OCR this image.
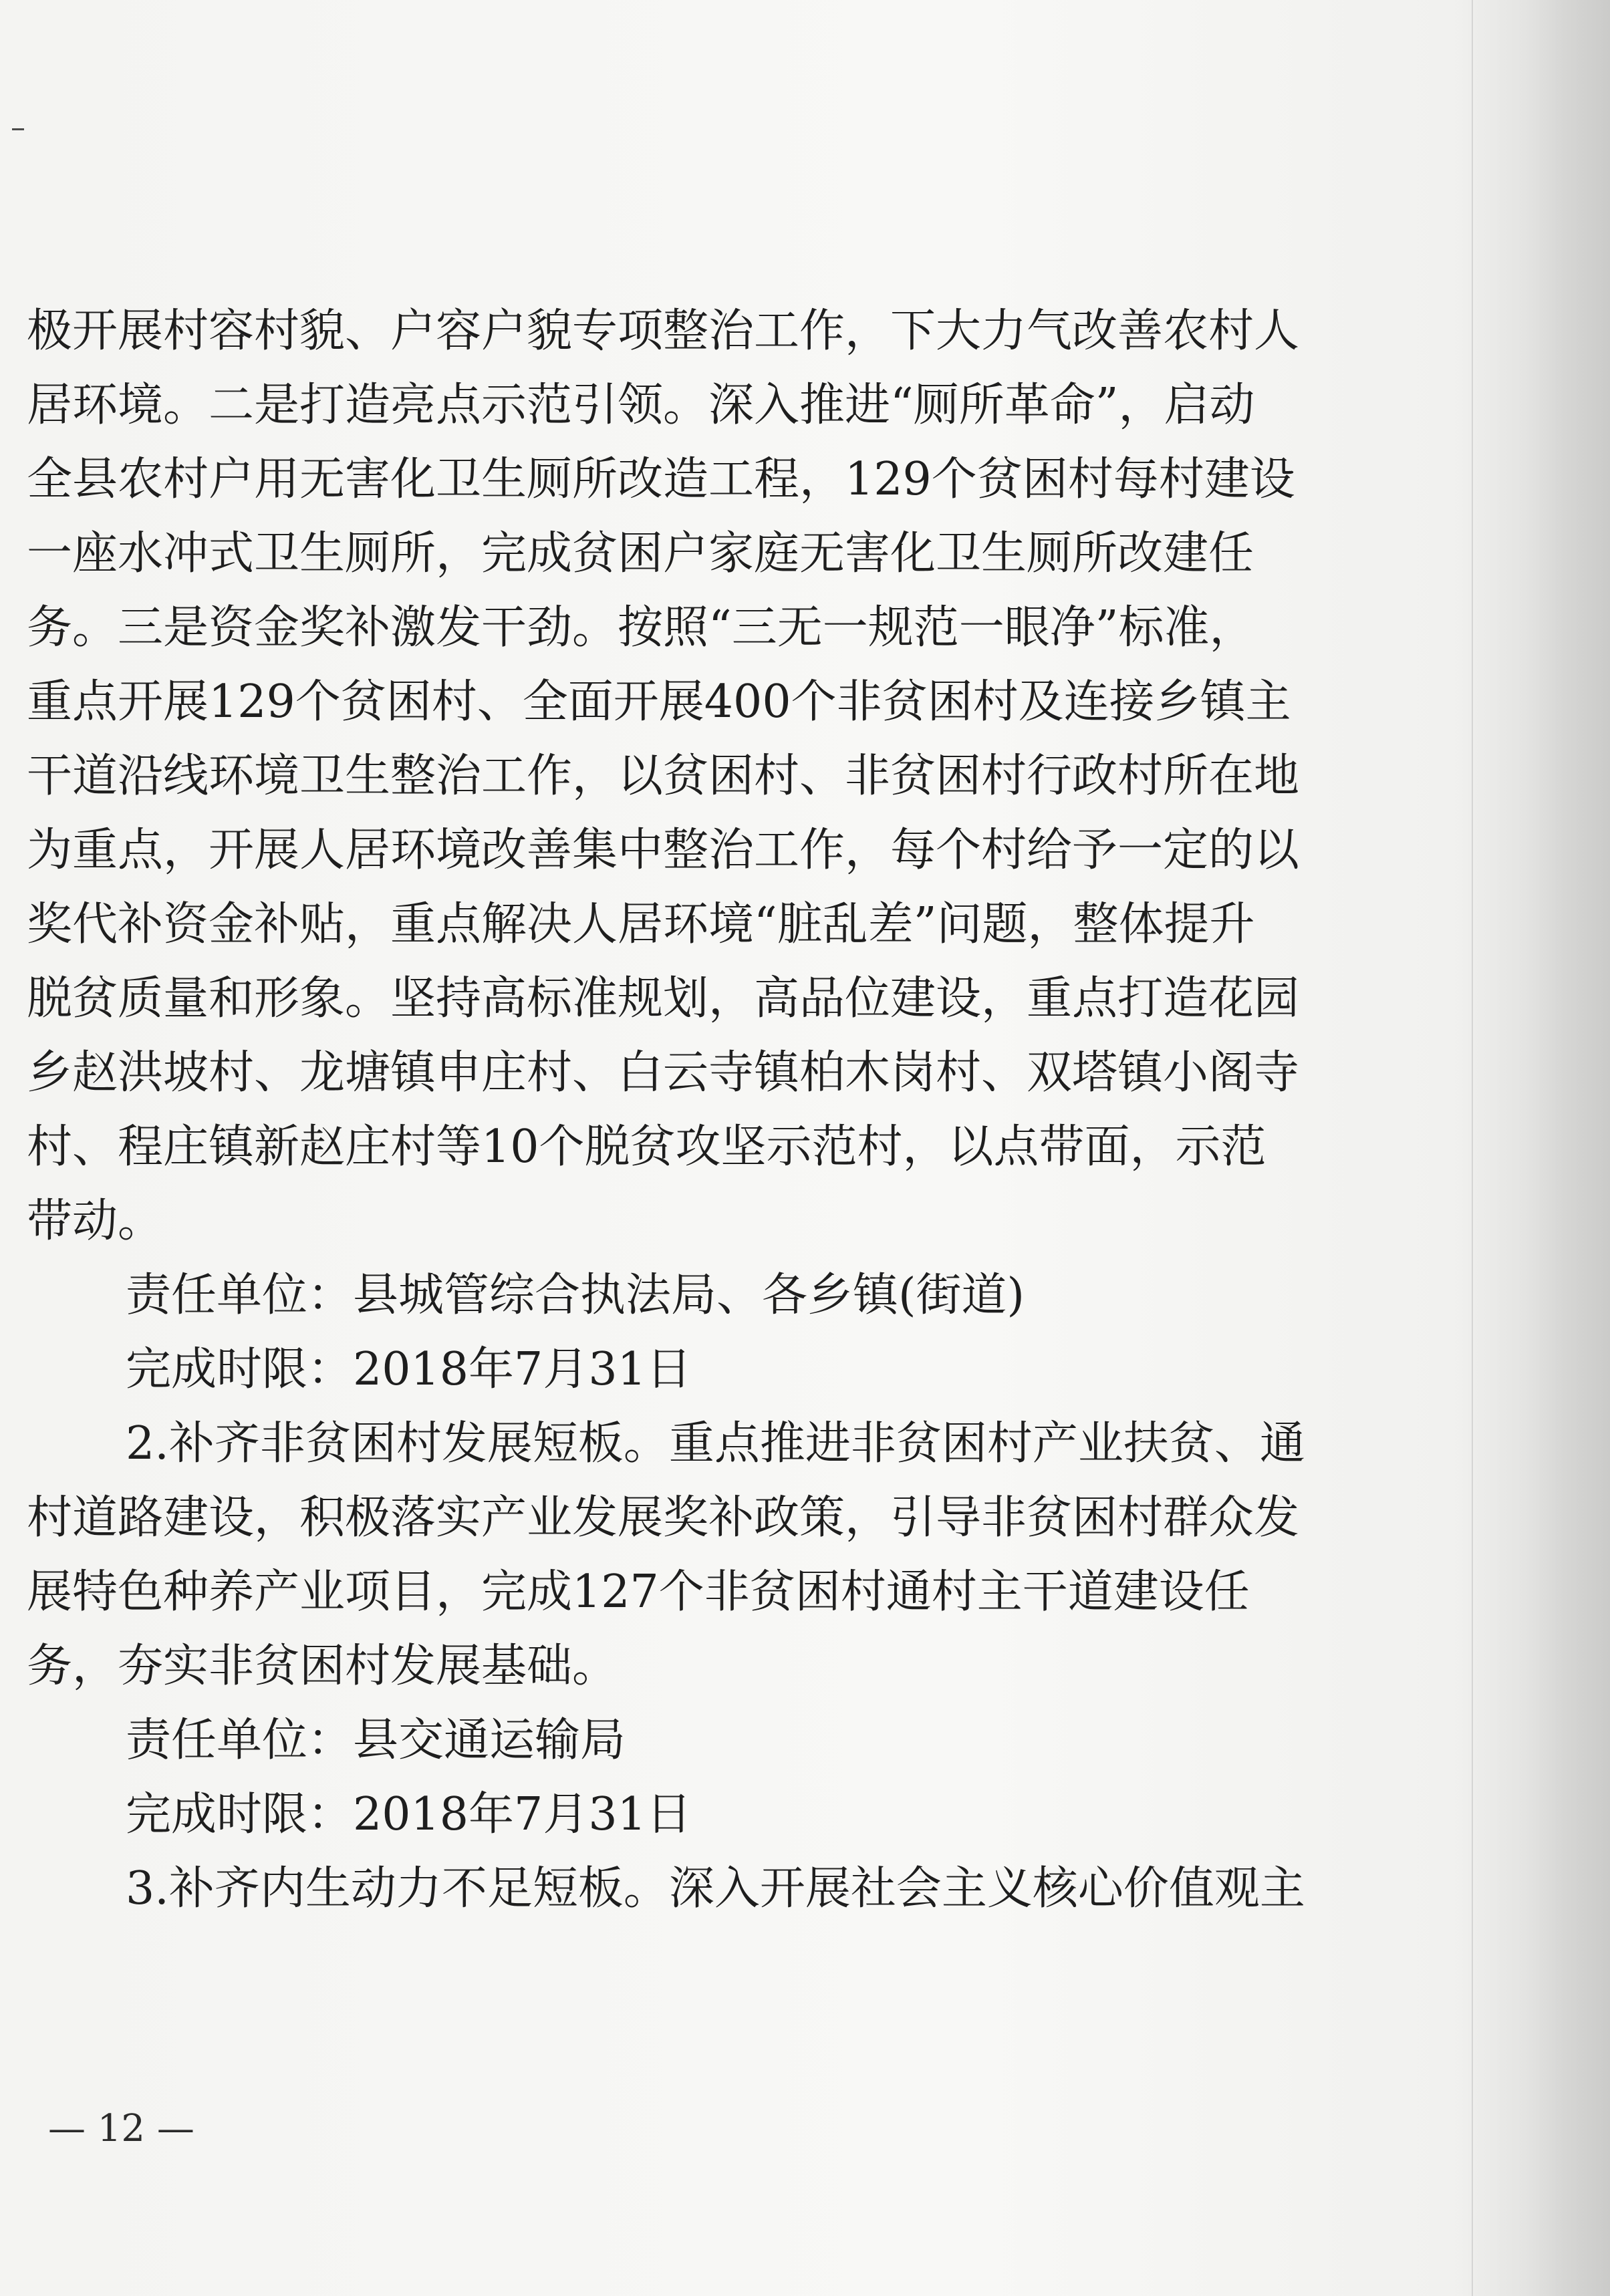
极开展村容村貌、户容户貌专项整治工作，下大力气改善农村人
居环境。二是打造亮点示范引领。深入推进“厕所革命”，启动
全县农村户用无害化卫生厕所改造工程，129个贫困村每村建设
一座水冲式卫生厕所，完成贫困户家庭无害化卫生厕所改建任
务。三是资金奖补激发干劲。按照“三无一规范一眼净”标准，
重点开展129个贫困村、全面开展400个非贫困村及连接乡镇主
干道沿线环境卫生整治工作，以贫困村、非贫困村行政村所在地
为重点，开展人居环境改善集中整治工作，每个村给予一定的以
奖代补资金补贴，重点解决人居环境“脏乱差”问题，整体提升
脱贫质量和形象。坚持高标准规划，高品位建设，重点打造花园
乡赵洪坡村、龙塘镇申庄村、白云寺镇柏木岗村、双塔镇小阁寺
村、程庄镇新赵庄村等10个脱贫攻坚示范村，以点带面，示范
带动。
责任单位：县城管综合执法局、各乡镇(街道)
完成时限：2018年7月31日
2.补齐非贫困村发展短板。重点推进非贫困村产业扶贫、通
村道路建设，积极落实产业发展奖补政策，引导非贫困村群众发
展特色种养产业项目，完成127个非贫困村通村主干道建设任
务，夯实非贫困村发展基础。
责任单位：县交通运输局
完成时限：2018年7月31日
3.补齐内生动力不足短板。深入开展社会主义核心价值观主
— 12 —
